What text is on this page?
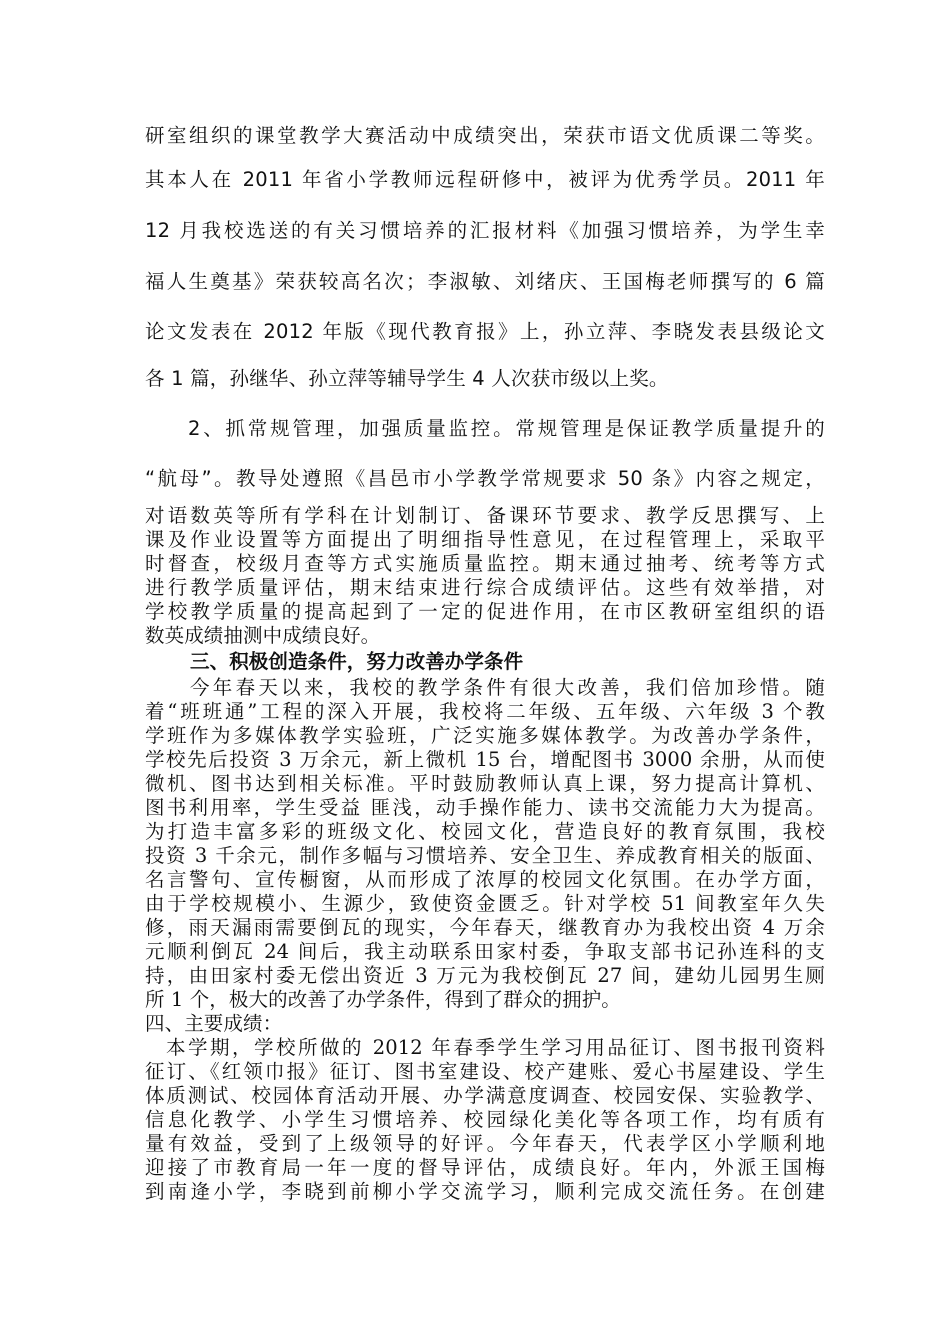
研室组织的课堂教学大赛活动中成绩突出，荣获市语文优质课二等奖。
其本人在 2011 年省小学教师远程研修中，被评为优秀学员。2011 年
12 月我校选送的有关习惯培养的汇报材料《加强习惯培养，为学生幸
福人生奠基》荣获较高名次；李淑敏、刘绪庆、王国梅老师撰写的 6 篇
论文发表在 2012 年版《现代教育报》上，孙立萍、李晓发表县级论文
各 1 篇，孙继华、孙立萍等辅导学生 4 人次获市级以上奖。
2、抓常规管理，加强质量监控。常规管理是保证教学质量提升的
“航母”。教导处遵照《昌邑市小学教学常规要求 50 条》内容之规定，
对语数英等所有学科在计划制订、备课环节要求、教学反思撰写、上
课及作业设置等方面提出了明细指导性意见，在过程管理上，采取平
时督查，校级月查等方式实施质量监控。期末通过抽考、统考等方式
进行教学质量评估，期末结束进行综合成绩评估。这些有效举措，对
学校教学质量的提高起到了一定的促进作用，在市区教研室组织的语
数英成绩抽测中成绩良好。
三、积极创造条件，努力改善办学条件
今年春天以来，我校的教学条件有很大改善，我们倍加珍惜。随
着“班班通”工程的深入开展，我校将二年级、五年级、六年级 3 个教
学班作为多媒体教学实验班，广泛实施多媒体教学。为改善办学条件，
学校先后投资 3 万余元，新上微机 15 台，增配图书 3000 余册，从而使
微机、图书达到相关标准。平时鼓励教师认真上课，努力提高计算机、
图书利用率，学生受益 匪浅，动手操作能力、读书交流能力大为提高。
为打造丰富多彩的班级文化、校园文化，营造良好的教育氛围，我校
投资 3 千余元，制作多幅与习惯培养、安全卫生、养成教育相关的版面、
名言警句、宣传橱窗，从而形成了浓厚的校园文化氛围。在办学方面，
由于学校规模小、生源少，致使资金匮乏。针对学校 51 间教室年久失
修，雨天漏雨需要倒瓦的现实，今年春天，继教育办为我校出资 4 万余
元顺利倒瓦 24 间后，我主动联系田家村委，争取支部书记孙连科的支
持，由田家村委无偿出资近 3 万元为我校倒瓦 27 间，建幼儿园男生厕
所 1 个，极大的改善了办学条件，得到了群众的拥护。
四、主要成绩：
本学期，学校所做的 2012 年春季学生学习用品征订、图书报刊资料
征订、《红领巾报》征订、图书室建设、校产建账、爱心书屋建设、学生
体质测试、校园体育活动开展、办学满意度调查、校园安保、实验教学、
信息化教学、小学生习惯培养、校园绿化美化等各项工作，均有质有
量有效益，受到了上级领导的好评。今年春天，代表学区小学顺利地
迎接了市教育局一年一度的督导评估，成绩良好。年内，外派王国梅
到南逄小学，李晓到前柳小学交流学习，顺利完成交流任务。在创建
